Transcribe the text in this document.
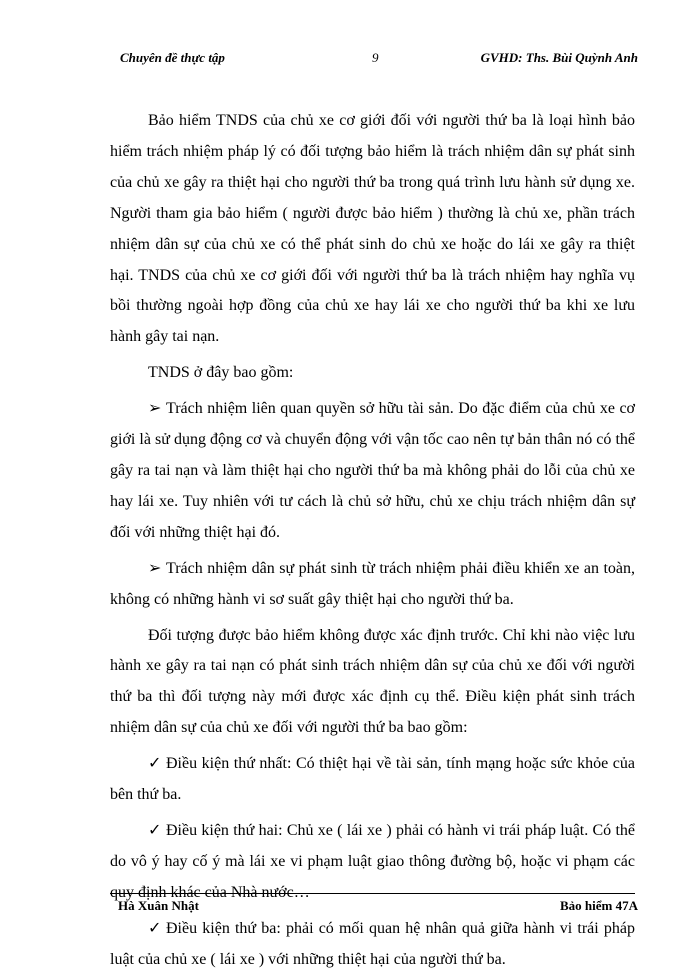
Chuyên đề thực tập	9	GVHD: Ths. Bùi Quỳnh Anh

Bảo hiểm TNDS của chủ xe cơ giới đối với người thứ ba là loại hình bảo hiểm trách nhiệm pháp lý có đối tượng bảo hiểm là trách nhiệm dân sự phát sinh của chủ xe gây ra thiệt hại cho người thứ ba trong quá trình lưu hành sử dụng xe. Người tham gia bảo hiểm ( người được bảo hiểm ) thường là chủ xe, phần trách nhiệm dân sự của chủ xe có thể phát sinh do chủ xe hoặc do lái xe gây ra thiệt hại. TNDS của chủ xe cơ giới đối với người thứ ba là trách nhiệm hay nghĩa vụ bồi thường ngoài hợp đồng của chủ xe hay lái xe cho người thứ ba khi xe lưu hành gây tai nạn.

TNDS ở đây bao gồm:

➢ Trách nhiệm liên quan quyền sở hữu tài sản. Do đặc điểm của chủ xe cơ giới là sử dụng động cơ và chuyển động với vận tốc cao nên tự bản thân nó có thể gây ra tai nạn và làm thiệt hại cho người thứ ba mà không phải do lỗi của chủ xe hay lái xe. Tuy nhiên với tư cách là chủ sở hữu, chủ xe chịu trách nhiệm dân sự đối với những thiệt hại đó.

➢ Trách nhiệm dân sự phát sinh từ trách nhiệm phải điều khiển xe an toàn, không có những hành vi sơ suất gây thiệt hại cho người thứ ba.

Đối tượng được bảo hiểm không được xác định trước. Chỉ khi nào việc lưu hành xe gây ra tai nạn có phát sinh trách nhiệm dân sự của chủ xe đối với người thứ ba thì đối tượng này mới được xác định cụ thể. Điều kiện phát sinh trách nhiệm dân sự của chủ xe đối với người thứ ba bao gồm:

✓ Điều kiện thứ nhất: Có thiệt hại về tài sản, tính mạng hoặc sức khỏe của bên thứ ba.

✓ Điều kiện thứ hai: Chủ xe ( lái xe ) phải có hành vi trái pháp luật. Có thể do vô ý hay cố ý mà lái xe vi phạm luật giao thông đường bộ, hoặc vi phạm các quy định khác của Nhà nước…

✓ Điều kiện thứ ba: phải có mối quan hệ nhân quả giữa hành vi trái pháp luật của chủ xe ( lái xe ) với những thiệt hại của người thứ ba.

Hà Xuân Nhật	Bảo hiểm 47A
